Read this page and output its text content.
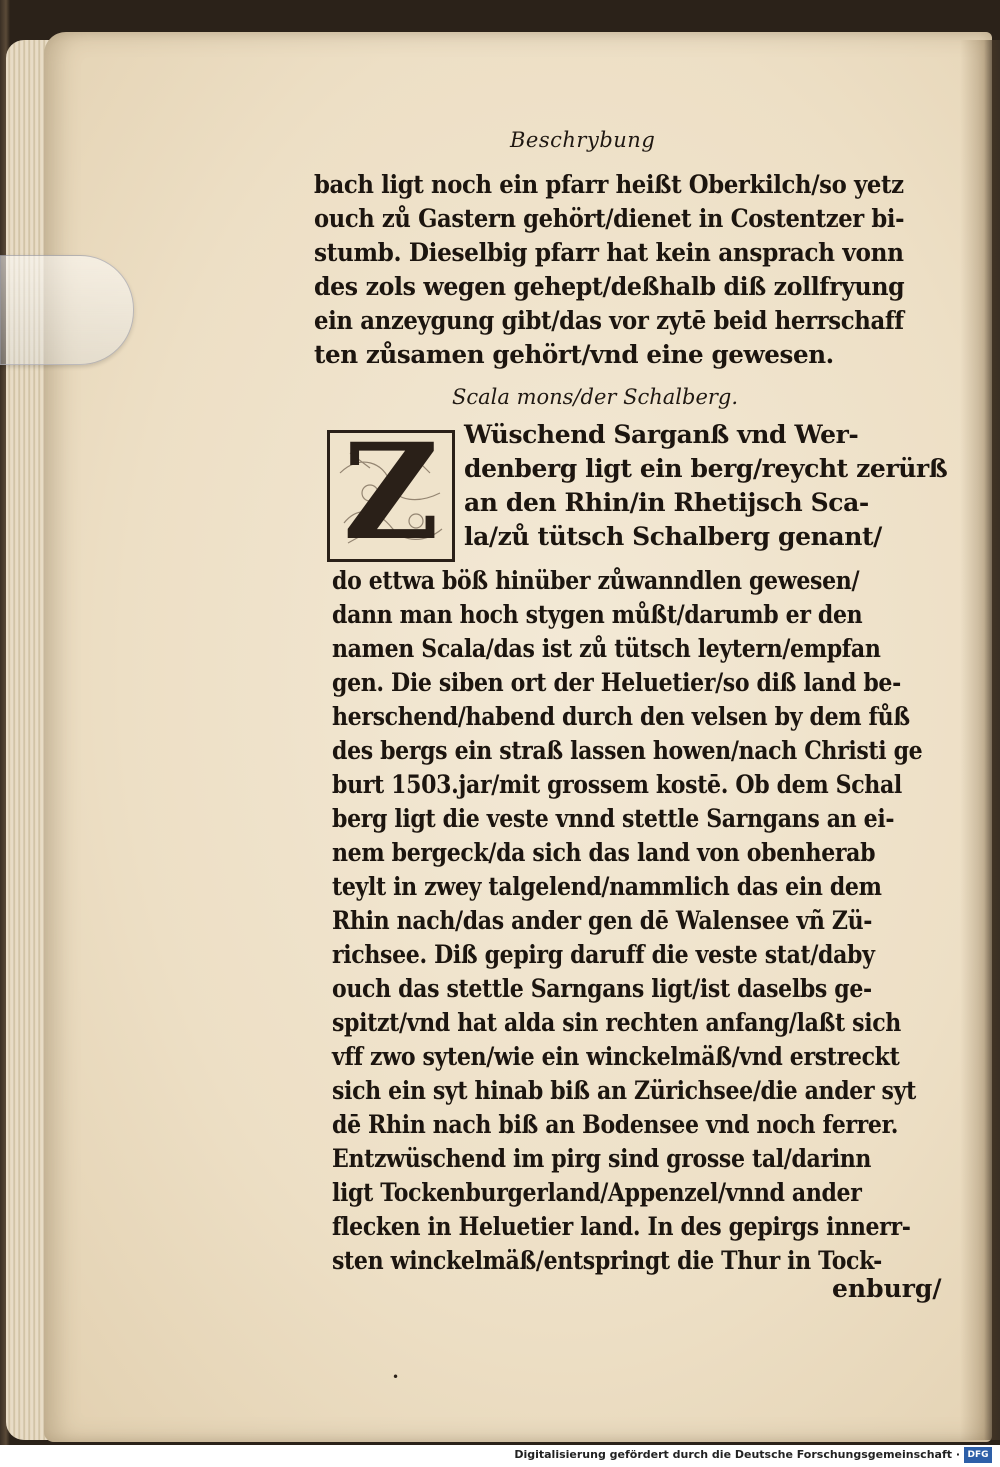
Beschrybung
bach ligt noch ein pfarr heißt Oberkilch/so yetz
ouch zů Gastern gehört/dienet in Costentzer bi-
stumb. Dieselbig pfarr hat kein ansprach vonn
des zols wegen gehept/deßhalb diß zollfryung
ein anzeygung gibt/das vor zytē beid herrschaff
ten zůsamen gehört/vnd eine gewesen.
Scala mons/der Schalberg.
Z Wüschend Sarganß vnd Wer-
denberg ligt ein berg/reycht zerürß
an den Rhin/in Rhetijsch Sca-
la/zů tütsch Schalberg genant/
do ettwa böß hinüber zůwanndlen gewesen/
dann man hoch stygen můßt/darumb er den
namen Scala/das ist zů tütsch leytern/empfan
gen. Die siben ort der Heluetier/so diß land be-
herschend/habend durch den velsen by dem fůß
des bergs ein straß lassen howen/nach Christi ge
burt 1503.jar/mit grossem kostē. Ob dem Schal
berg ligt die veste vnnd stettle Sarngans an ei-
nem bergeck/da sich das land von obenherab
teylt in zwey talgelend/nammlich das ein dem
Rhin nach/das ander gen dē Walensee vñ Zü-
richsee. Diß gepirg daruff die veste stat/daby
ouch das stettle Sarngans ligt/ist daselbs ge-
spitzt/vnd hat alda sin rechten anfang/laßt sich
vff zwo syten/wie ein winckelmäß/vnd erstreckt
sich ein syt hinab biß an Zürichsee/die ander syt
dē Rhin nach biß an Bodensee vnd noch ferrer.
Entzwüschend im pirg sind grosse tal/darinn
ligt Tockenburgerland/Appenzel/vnnd ander
flecken in Heluetier land. In des gepirgs innerr-
sten winckelmäß/entspringt die Thur in Tock-
enburg/
•
Digitalisierung gefördert durch die Deutsche Forschungsgemeinschaft · DFG
